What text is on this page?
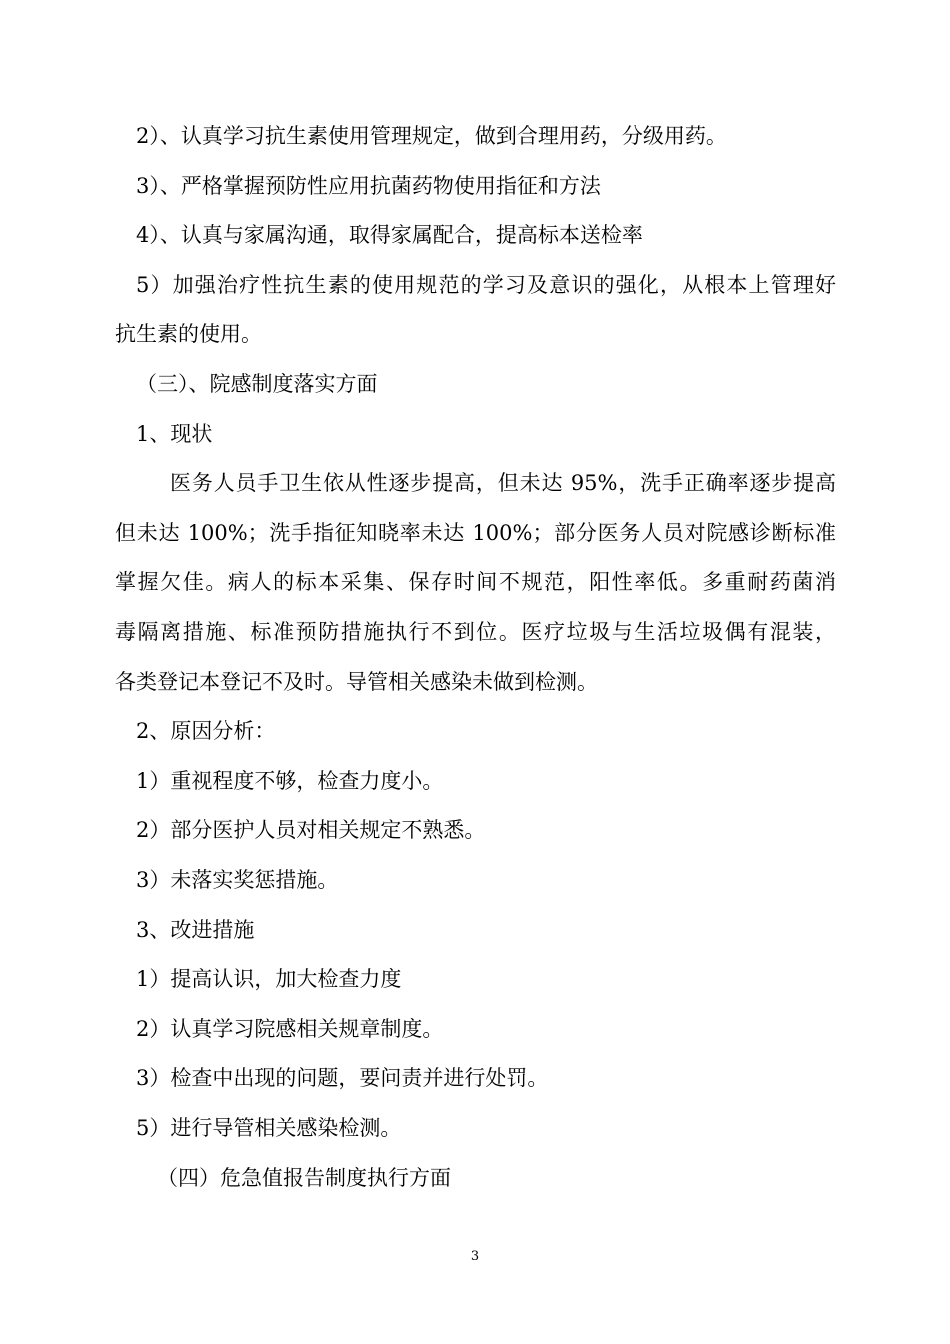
2）、认真学习抗生素使用管理规定，做到合理用药，分级用药。
3）、严格掌握预防性应用抗菌药物使用指征和方法
4）、认真与家属沟通，取得家属配合，提高标本送检率
5）加强治疗性抗生素的使用规范的学习及意识的强化，从根本上管理好
抗生素的使用。
（三）、院感制度落实方面
1、现状
医务人员手卫生依从性逐步提高，但未达 95%，洗手正确率逐步提高
但未达 100%；洗手指征知晓率未达 100%；部分医务人员对院感诊断标准
掌握欠佳。病人的标本采集、保存时间不规范，阳性率低。多重耐药菌消
毒隔离措施、标准预防措施执行不到位。医疗垃圾与生活垃圾偶有混装，
各类登记本登记不及时。导管相关感染未做到检测。
2、原因分析：
1）重视程度不够，检查力度小。
2）部分医护人员对相关规定不熟悉。
3）未落实奖惩措施。
3、改进措施
1）提高认识，加大检查力度
2）认真学习院感相关规章制度。
3）检查中出现的问题，要问责并进行处罚。
5）进行导管相关感染检测。
（四）危急值报告制度执行方面
3
